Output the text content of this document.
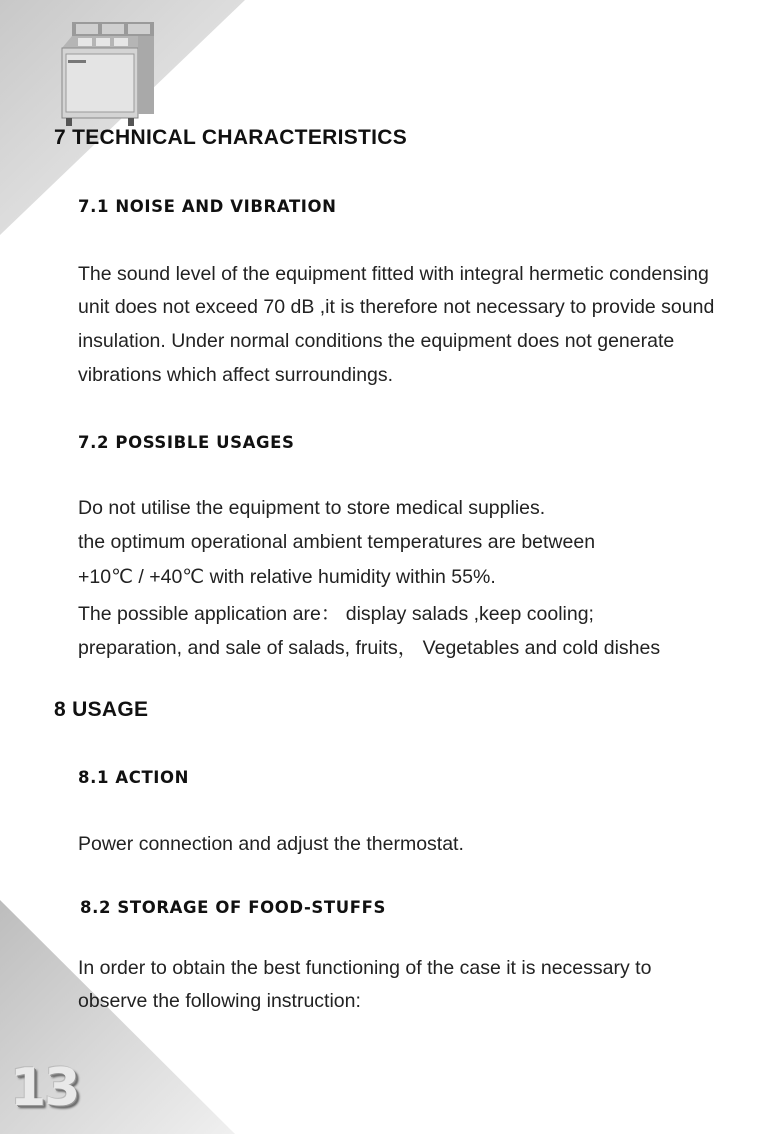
7 TECHNICAL CHARACTERISTICS
7.1 NOISE AND VIBRATION

The sound level of the equipment fitted with integral hermetic condensing

unit does not exceed 70 dB ,it is therefore not necessary to provide sound

insulation. Under normal conditions the equipment does not generate

vibrations which affect surroundings.

7.2 POSSIBLE USAGES

Do not utilise the equipment to store medical supplies.

the optimum operational ambient temperatures are between

+10℃ / +40℃ with relative humidity within 55%.

The possible application are： display salads ,keep cooling;

preparation, and sale of salads, fruits， Vegetables and cold dishes

8 USAGE
8.1 ACTION

Power connection and adjust the thermostat.

8.2 STORAGE OF FOOD-STUFFS

In order to obtain the best functioning of the case it is necessary to

observe the following instruction:

13
